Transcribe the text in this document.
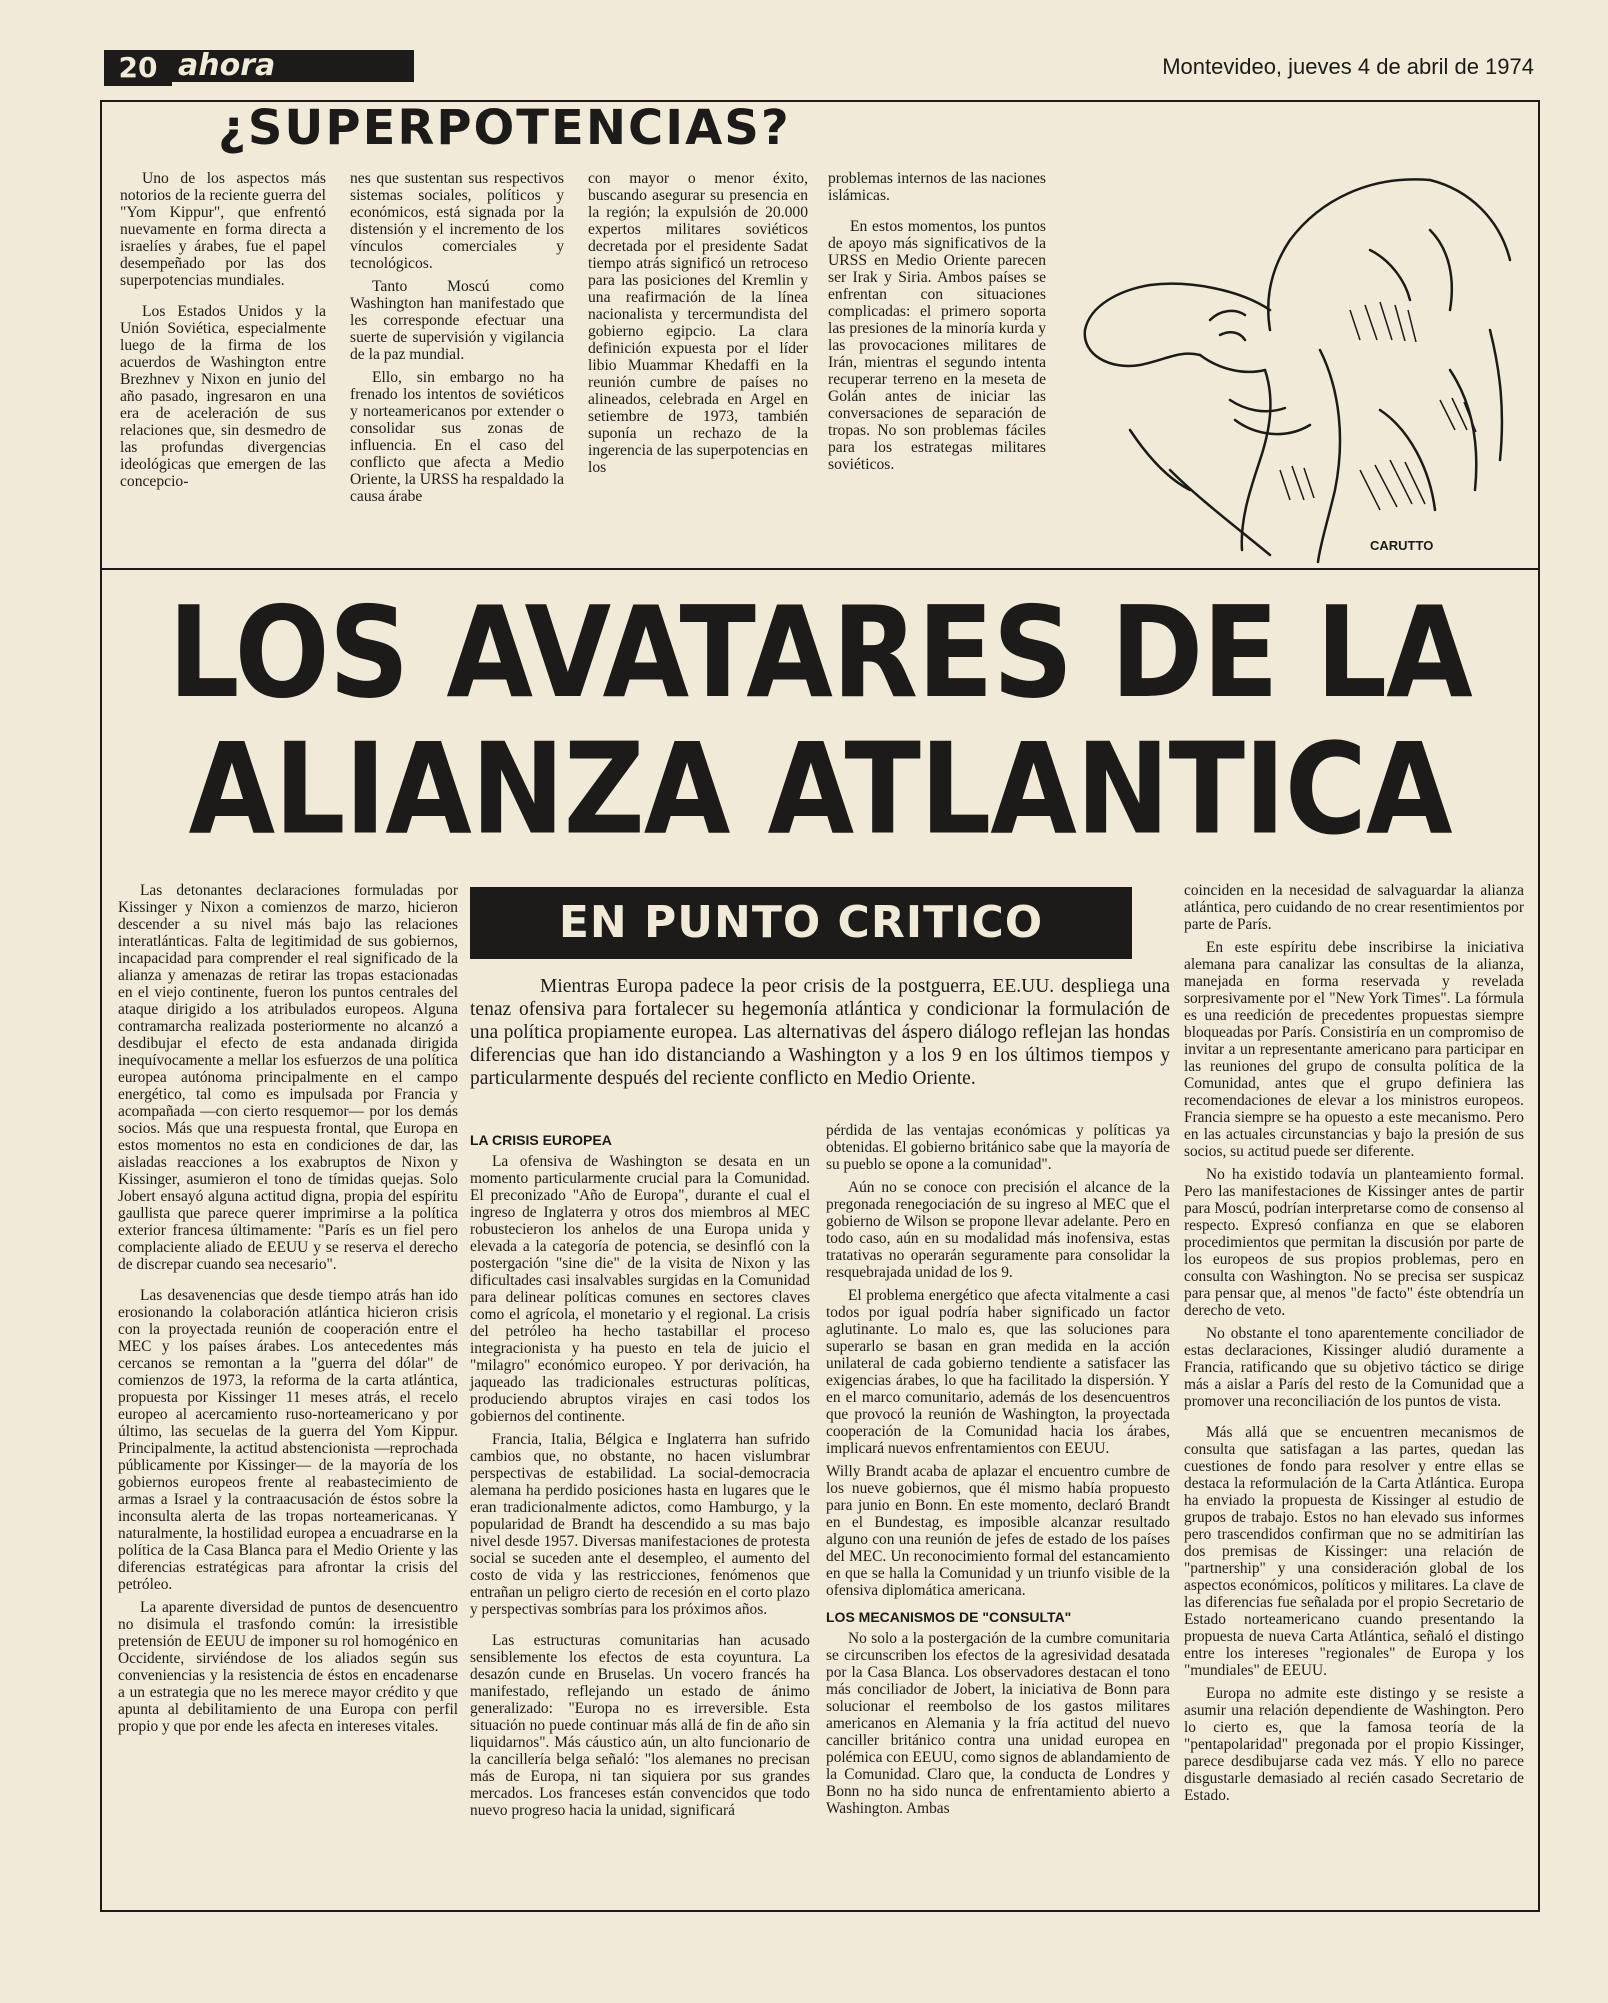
20 ahora	Montevideo, jueves 4 de abril de 1974
¿SUPERPOTENCIAS?

Uno de los aspectos más notorios de la reciente guerra del "Yom Kippur", que enfrentó nuevamente en forma directa a israelíes y árabes, fue el papel desempeñado por las dos superpotencias mundiales.

Los Estados Unidos y la Unión Soviética, especialmente luego de la firma de los acuerdos de Washington entre Brezhnev y Nixon en junio del año pasado, ingresaron en una era de aceleración de sus relaciones que, sin desmedro de las profundas divergencias ideológicas que emergen de las concepcio-

nes que sustentan sus respectivos sistemas sociales, políticos y económicos, está signada por la distensión y el incremento de los vínculos comerciales y tecnológicos.

Tanto Moscú como Washington han manifestado que les corresponde efectuar una suerte de supervisión y vigilancia de la paz mundial.

Ello, sin embargo no ha frenado los intentos de soviéticos y norteamericanos por extender o consolidar sus zonas de influencia. En el caso del conflicto que afecta a Medio Oriente, la URSS ha respaldado la causa árabe

con mayor o menor éxito, buscando asegurar su presencia en la región; la expulsión de 20.000 expertos militares soviéticos decretada por el presidente Sadat tiempo atrás significó un retroceso para las posiciones del Kremlin y una reafirmación de la línea nacionalista y tercermundista del gobierno egipcio. La clara definición expuesta por el líder libio Muammar Khedaffi en la reunión cumbre de países no alineados, celebrada en Argel en setiembre de 1973, también suponía un rechazo de la ingerencia de las superpotencias en los

problemas internos de las naciones islámicas.

En estos momentos, los puntos de apoyo más significativos de la URSS en Medio Oriente parecen ser Irak y Siria. Ambos países se enfrentan con situaciones complicadas: el primero soporta las presiones de la minoría kurda y las provocaciones militares de Irán, mientras el segundo intenta recuperar terreno en la meseta de Golán antes de iniciar las conversaciones de separación de tropas. No son problemas fáciles para los estrategas militares soviéticos.

CARUTTO
LOS AVATARES DE LA
ALIANZA ATLANTICA
EN PUNTO CRITICO

Mientras Europa padece la peor crisis de la postguerra, EE.UU. despliega una tenaz ofensiva para fortalecer su hegemonía atlántica y condicionar la formulación de una política propiamente europea. Las alternativas del áspero diálogo reflejan las hondas diferencias que han ido distanciando a Washington y a los 9 en los últimos tiempos y particularmente después del reciente conflicto en Medio Oriente.

Las detonantes declaraciones formuladas por Kissinger y Nixon a comienzos de marzo, hicieron descender a su nivel más bajo las relaciones interatlánticas. Falta de legitimidad de sus gobiernos, incapacidad para comprender el real significado de la alianza y amenazas de retirar las tropas estacionadas en el viejo continente, fueron los puntos centrales del ataque dirigido a los atribulados europeos. Alguna contramarcha realizada posteriormente no alcanzó a desdibujar el efecto de esta andanada dirigida inequívocamente a mellar los esfuerzos de una política europea autónoma principalmente en el campo energético, tal como es impulsada por Francia y acompañada —con cierto resquemor— por los demás socios. Más que una respuesta frontal, que Europa en estos momentos no esta en condiciones de dar, las aisladas reacciones a los exabruptos de Nixon y Kissinger, asumieron el tono de tímidas quejas. Solo Jobert ensayó alguna actitud digna, propia del espíritu gaullista que parece querer imprimirse a la política exterior francesa últimamente: "París es un fiel pero complaciente aliado de EEUU y se reserva el derecho de discrepar cuando sea necesario".

Las desavenencias que desde tiempo atrás han ido erosionando la colaboración atlántica hicieron crisis con la proyectada reunión de cooperación entre el MEC y los países árabes. Los antecedentes más cercanos se remontan a la "guerra del dólar" de comienzos de 1973, la reforma de la carta atlántica, propuesta por Kissinger 11 meses atrás, el recelo europeo al acercamiento ruso-norteamericano y por último, las secuelas de la guerra del Yom Kippur. Principalmente, la actitud abstencionista —reprochada públicamente por Kissinger— de la mayoría de los gobiernos europeos frente al reabastecimiento de armas a Israel y la contraacusación de éstos sobre la inconsulta alerta de las tropas norteamericanas. Y naturalmente, la hostilidad europea a encuadrarse en la política de la Casa Blanca para el Medio Oriente y las diferencias estratégicas para afrontar la crisis del petróleo.

La aparente diversidad de puntos de desencuentro no disimula el trasfondo común: la irresistible pretensión de EEUU de imponer su rol homogénico en Occidente, sirviéndose de los aliados según sus conveniencias y la resistencia de éstos en encadenarse a un estrategia que no les merece mayor crédito y que apunta al debilitamiento de una Europa con perfil propio y que por ende les afecta en intereses vitales.

LA CRISIS EUROPEA

La ofensiva de Washington se desata en un momento particularmente crucial para la Comunidad. El preconizado "Año de Europa", durante el cual el ingreso de Inglaterra y otros dos miembros al MEC robustecieron los anhelos de una Europa unida y elevada a la categoría de potencia, se desinfló con la postergación "sine die" de la visita de Nixon y las dificultades casi insalvables surgidas en la Comunidad para delinear políticas comunes en sectores claves como el agrícola, el monetario y el regional. La crisis del petróleo ha hecho tastabillar el proceso integracionista y ha puesto en tela de juicio el "milagro" económico europeo. Y por derivación, ha jaqueado las tradicionales estructuras políticas, produciendo abruptos virajes en casi todos los gobiernos del continente.

Francia, Italia, Bélgica e Inglaterra han sufrido cambios que, no obstante, no hacen vislumbrar perspectivas de estabilidad. La social-democracia alemana ha perdido posiciones hasta en lugares que le eran tradicionalmente adictos, como Hamburgo, y la popularidad de Brandt ha descendido a su mas bajo nivel desde 1957. Diversas manifestaciones de protesta social se suceden ante el desempleo, el aumento del costo de vida y las restricciones, fenómenos que entrañan un peligro cierto de recesión en el corto plazo y perspectivas sombrías para los próximos años.

Las estructuras comunitarias han acusado sensiblemente los efectos de esta coyuntura. La desazón cunde en Bruselas. Un vocero francés ha manifestado, reflejando un estado de ánimo generalizado: "Europa no es irreversible. Esta situación no puede continuar más allá de fin de año sin liquidarnos". Más cáustico aún, un alto funcionario de la cancillería belga señaló: "los alemanes no precisan más de Europa, ni tan siquiera por sus grandes mercados. Los franceses están convencidos que todo nuevo progreso hacia la unidad, significará

pérdida de las ventajas económicas y políticas ya obtenidas. El gobierno británico sabe que la mayoría de su pueblo se opone a la comunidad".

Aún no se conoce con precisión el alcance de la pregonada renegociación de su ingreso al MEC que el gobierno de Wilson se propone llevar adelante. Pero en todo caso, aún en su modalidad más inofensiva, estas tratativas no operarán seguramente para consolidar la resquebrajada unidad de los 9.

El problema energético que afecta vitalmente a casi todos por igual podría haber significado un factor aglutinante. Lo malo es, que las soluciones para superarlo se basan en gran medida en la acción unilateral de cada gobierno tendiente a satisfacer las exigencias árabes, lo que ha facilitado la dispersión. Y en el marco comunitario, además de los desencuentros que provocó la reunión de Washington, la proyectada cooperación de la Comunidad hacia los árabes, implicará nuevos enfrentamientos con EEUU.

Willy Brandt acaba de aplazar el encuentro cumbre de los nueve gobiernos, que él mismo había propuesto para junio en Bonn. En este momento, declaró Brandt en el Bundestag, es imposible alcanzar resultado alguno con una reunión de jefes de estado de los países del MEC. Un reconocimiento formal del estancamiento en que se halla la Comunidad y un triunfo visible de la ofensiva diplomática americana.

LOS MECANISMOS DE "CONSULTA"

No solo a la postergación de la cumbre comunitaria se circunscriben los efectos de la agresividad desatada por la Casa Blanca. Los observadores destacan el tono más conciliador de Jobert, la iniciativa de Bonn para solucionar el reembolso de los gastos militares americanos en Alemania y la fría actitud del nuevo canciller británico contra una unidad europea en polémica con EEUU, como signos de ablandamiento de la Comunidad. Claro que, la conducta de Londres y Bonn no ha sido nunca de enfrentamiento abierto a Washington. Ambas

coinciden en la necesidad de salvaguardar la alianza atlántica, pero cuidando de no crear resentimientos por parte de París.

En este espíritu debe inscribirse la iniciativa alemana para canalizar las consultas de la alianza, manejada en forma reservada y revelada sorpresivamente por el "New York Times". La fórmula es una reedición de precedentes propuestas siempre bloqueadas por París. Consistiría en un compromiso de invitar a un representante americano para participar en las reuniones del grupo de consulta política de la Comunidad, antes que el grupo definiera las recomendaciones de elevar a los ministros europeos. Francia siempre se ha opuesto a este mecanismo. Pero en las actuales circunstancias y bajo la presión de sus socios, su actitud puede ser diferente.

No ha existido todavía un planteamiento formal. Pero las manifestaciones de Kissinger antes de partir para Moscú, podrían interpretarse como de consenso al respecto. Expresó confianza en que se elaboren procedimientos que permitan la discusión por parte de los europeos de sus propios problemas, pero en consulta con Washington. No se precisa ser suspicaz para pensar que, al menos "de facto" éste obtendría un derecho de veto.

No obstante el tono aparentemente conciliador de estas declaraciones, Kissinger aludió duramente a Francia, ratificando que su objetivo táctico se dirige más a aislar a París del resto de la Comunidad que a promover una reconciliación de los puntos de vista.

Más allá que se encuentren mecanismos de consulta que satisfagan a las partes, quedan las cuestiones de fondo para resolver y entre ellas se destaca la reformulación de la Carta Atlántica. Europa ha enviado la propuesta de Kissinger al estudio de grupos de trabajo. Estos no han elevado sus informes pero trascendidos confirman que no se admitirían las dos premisas de Kissinger: una relación de "partnership" y una consideración global de los aspectos económicos, políticos y militares. La clave de las diferencias fue señalada por el propio Secretario de Estado norteamericano cuando presentando la propuesta de nueva Carta Atlántica, señaló el distingo entre los intereses "regionales" de Europa y los "mundiales" de EEUU.

Europa no admite este distingo y se resiste a asumir una relación dependiente de Washington. Pero lo cierto es, que la famosa teoría de la "pentapolaridad" pregonada por el propio Kissinger, parece desdibujarse cada vez más. Y ello no parece disgustarle demasiado al recién casado Secretario de Estado.
